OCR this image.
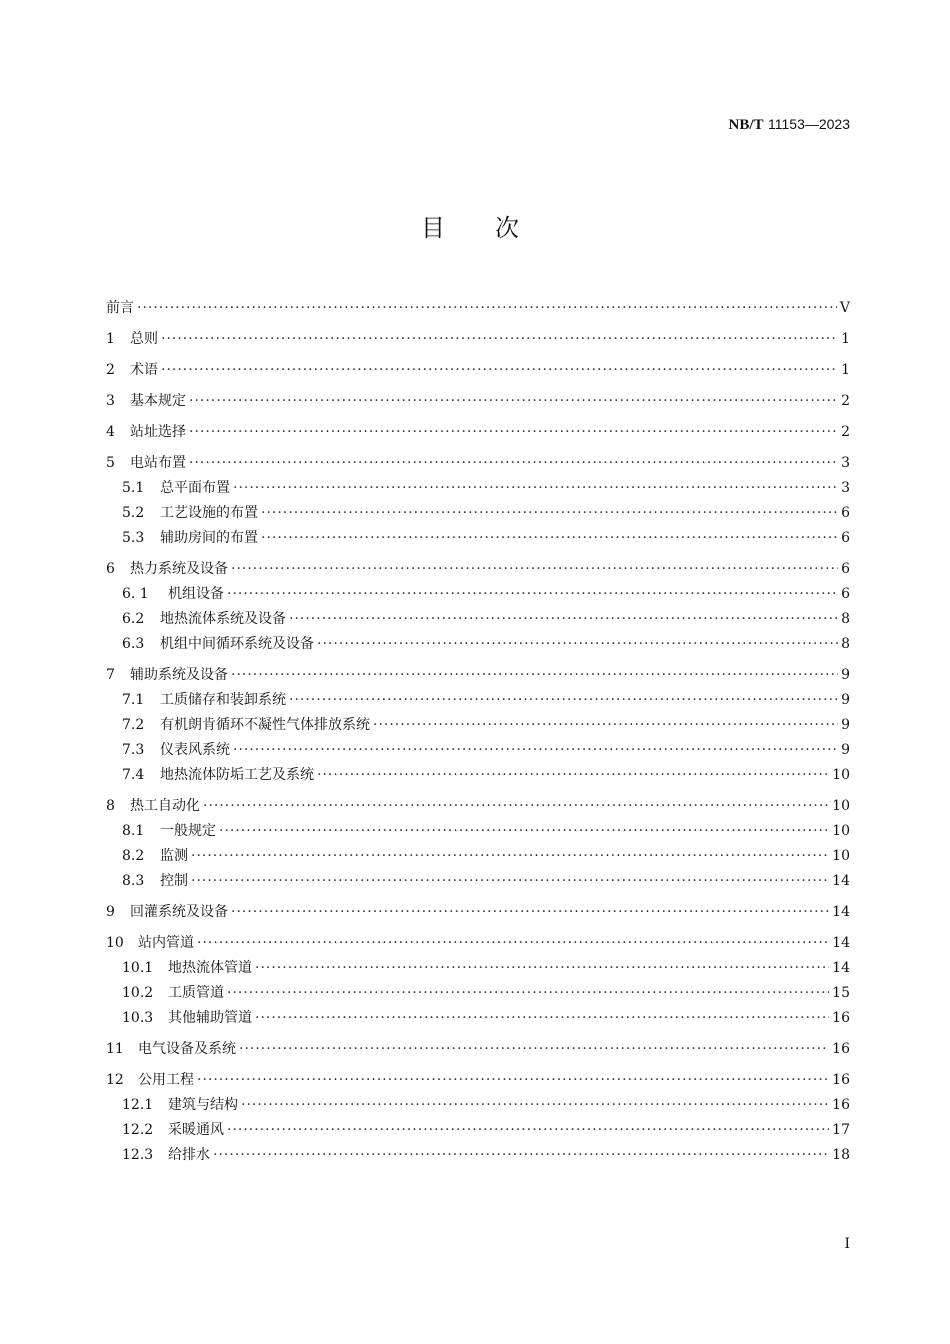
NB/T 11153—2023
目次
前言 ·····	V
1	总则 ·····	1
2	术语 ·····	1
3	基本规定 ·····	2
4	站址选择 ·····	2
5	电站布置 ·····	3
5.1	总平面布置 ·····	3
5.2	工艺设施的布置 ·····	6
5.3	辅助房间的布置 ·····	6
6	热力系统及设备 ·····	6
6. 1	机组设备 ·····	6
6.2	地热流体系统及设备 ·····	8
6.3	机组中间循环系统及设备 ·····	8
7	辅助系统及设备 ·····	9
7.1	工质储存和装卸系统 ·····	9
7.2	有机朗肯循环不凝性气体排放系统 ·····	9
7.3	仪表风系统 ·····	9
7.4	地热流体防垢工艺及系统 ·····	10
8	热工自动化 ·····	10
8.1	一般规定 ·····	10
8.2	监测 ·····	10
8.3	控制 ·····	14
9	回灌系统及设备 ·····	14
10	站内管道 ·····	14
10.1	地热流体管道 ·····	14
10.2	工质管道 ·····	15
10.3	其他辅助管道 ·····	16
11	电气设备及系统 ·····	16
12	公用工程 ·····	16
12.1	建筑与结构 ·····	16
12.2	采暖通风 ·····	17
12.3	给排水 ·····	18
I
